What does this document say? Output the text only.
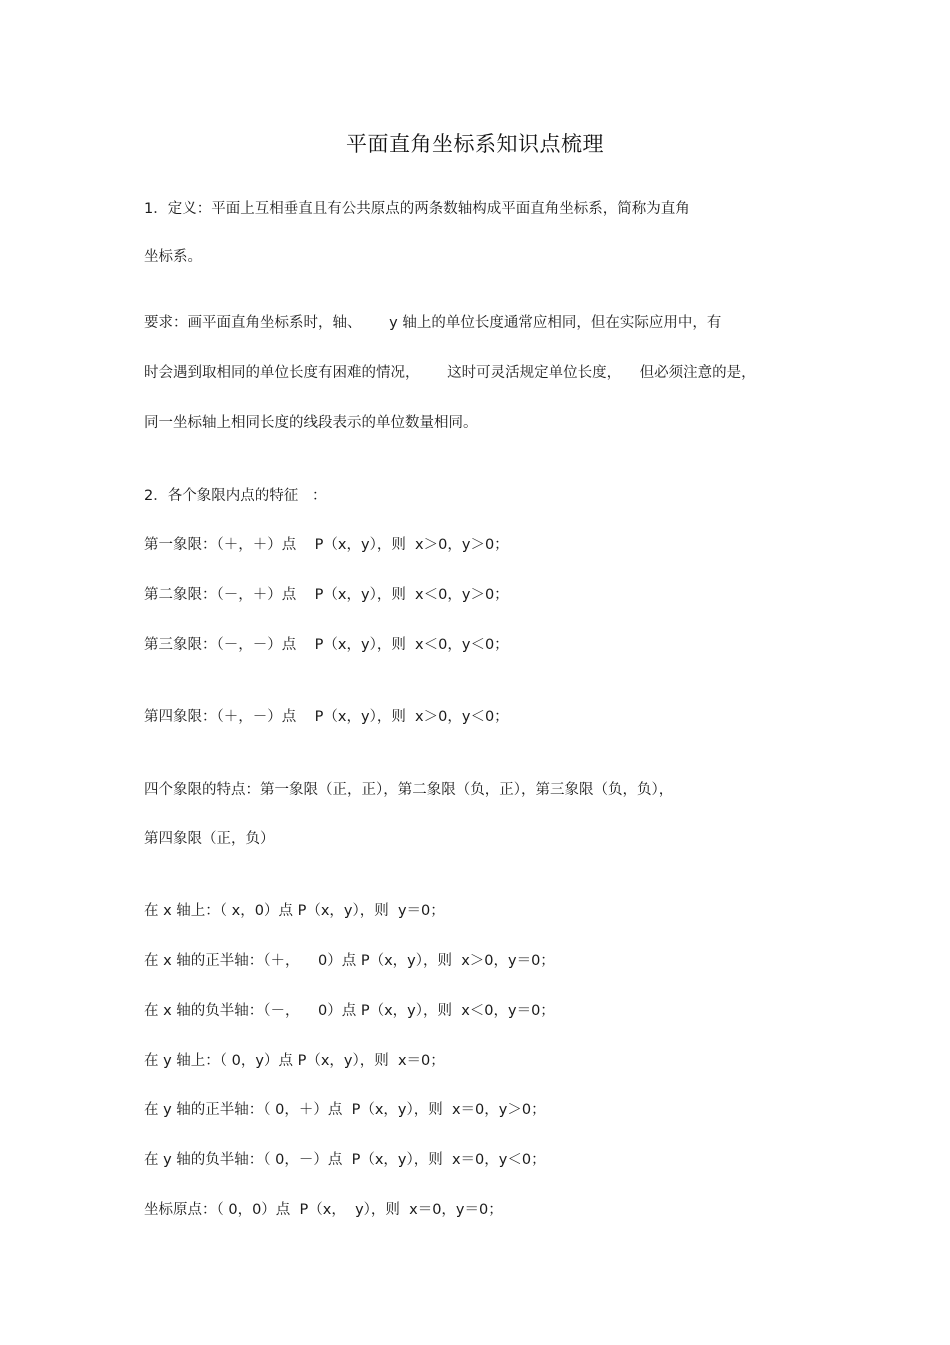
平面直角坐标系知识点梳理
1．定义：平面上互相垂直且有公共原点的两条数轴构成平面直角坐标系，简称为直角
坐标系。
要求：画平面直角坐标系时，轴、      y 轴上的单位长度通常应相同，但在实际应用中，有
时会遇到取相同的单位长度有困难的情况，      这时可灵活规定单位长度，    但必须注意的是，
同一坐标轴上相同长度的线段表示的单位数量相同。
2．各个象限内点的特征   ：
第一象限：（＋，＋）点    P（x，y），则  x＞0，y＞0；
第二象限：（－，＋）点    P（x，y），则  x＜0，y＞0；
第三象限：（－，－）点    P（x，y），则  x＜0，y＜0；
第四象限：（＋，－）点    P（x，y），则  x＞0，y＜0；
四个象限的特点：第一象限（正，正），第二象限（负，正），第三象限（负，负），
第四象限（正，负）
在 x 轴上：（ x，0）点 P（x，y），则  y＝0；
在 x 轴的正半轴：（＋，    0）点 P（x，y），则  x＞0，y＝0；
在 x 轴的负半轴：（－，    0）点 P（x，y），则  x＜0，y＝0；
在 y 轴上：（ 0，y）点 P（x，y），则  x＝0；
在 y 轴的正半轴：（ 0，＋）点  P（x，y），则  x＝0，y＞0；
在 y 轴的负半轴：（ 0，－）点  P（x，y），则  x＝0，y＜0；
坐标原点：（ 0，0）点  P（x，  y），则  x＝0，y＝0；
